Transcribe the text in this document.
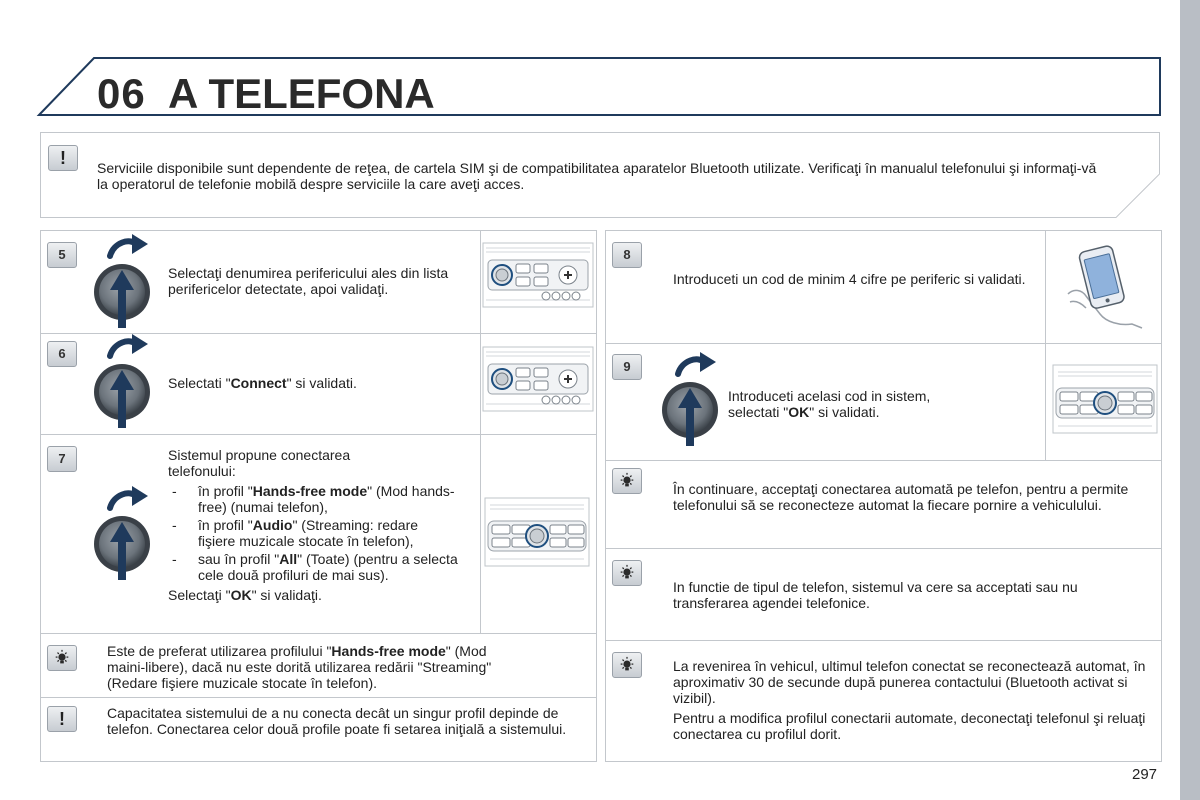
06 A TELEFONA
!
Serviciile disponibile sunt dependente de reţea, de cartela SIM şi de compatibilitatea aparatelor Bluetooth utilizate. Verificaţi în manualul telefonului şi informaţi-vă la operatorul de telefonie mobilă despre serviciile la care aveţi acces.
5
Selectaţi denumirea perifericului ales din lista perifericelor detectate, apoi validaţi.
6
Selectati "Connect" si validati.
7	Sistemul propune conectarea telefonului:
- în profil "Hands-free mode" (Mod hands-free) (numai telefon),
- în profil "Audio" (Streaming: redare fişiere muzicale stocate în telefon),
- sau în profil "All" (Toate) (pentru a selecta cele două profiluri de mai sus).
Selectaţi "OK" si validaţi.
Este de preferat utilizarea profilului "Hands-free mode" (Mod maini-libere), dacă nu este dorită utilizarea redării "Streaming" (Redare fişiere muzicale stocate în telefon).
!	Capacitatea sistemului de a nu conecta decât un singur profil depinde de telefon. Conectarea celor două profile poate fi setarea iniţială a sistemului.
8
Introduceti un cod de minim 4 cifre pe periferic si validati.
9
Introduceti acelasi cod in sistem,
selectati "OK" si validati.
În continuare, acceptaţi conectarea automată pe telefon, pentru a permite telefonului să se reconecteze automat la fiecare pornire a vehiculului.
In functie de tipul de telefon, sistemul va cere sa acceptati sau nu transferarea agendei telefonice.
La revenirea în vehicul, ultimul telefon conectat se reconectează automat, în aproximativ 30 de secunde după punerea contactului (Bluetooth activat si vizibil).
Pentru a modifica profilul conectarii automate, deconectaţi telefonul şi reluaţi conectarea cu profilul dorit.
297
